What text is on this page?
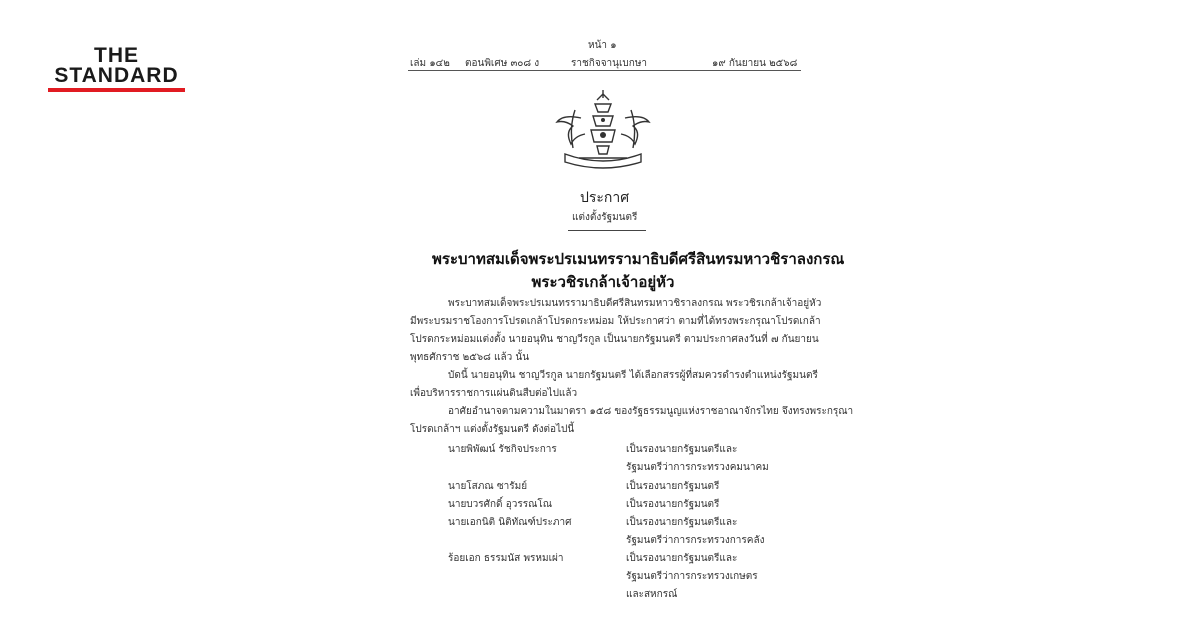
THE
STANDARD
หน้า ๑
เล่ม ๑๔๒ ตอนพิเศษ ๓๐๘ ง	ราชกิจจานุเบกษา	๑๙ กันยายน ๒๕๖๘
ประกาศ
แต่งตั้งรัฐมนตรี
พระบาทสมเด็จพระปรเมนทรรามาธิบดีศรีสินทรมหาวชิราลงกรณ
พระวชิรเกล้าเจ้าอยู่หัว
พระบาทสมเด็จพระปรเมนทรรามาธิบดีศรีสินทรมหาวชิราลงกรณ พระวชิรเกล้าเจ้าอยู่หัว
มีพระบรมราชโองการโปรดเกล้าโปรดกระหม่อม ให้ประกาศว่า ตามที่ได้ทรงพระกรุณาโปรดเกล้า
โปรดกระหม่อมแต่งตั้ง นายอนุทิน ชาญวีรกูล เป็นนายกรัฐมนตรี ตามประกาศลงวันที่ ๗ กันยายน
พุทธศักราช ๒๕๖๘ แล้ว นั้น
บัดนี้ นายอนุทิน ชาญวีรกูล นายกรัฐมนตรี ได้เลือกสรรผู้ที่สมควรดำรงตำแหน่งรัฐมนตรี
เพื่อบริหารราชการแผ่นดินสืบต่อไปแล้ว
อาศัยอำนาจตามความในมาตรา ๑๕๘ ของรัฐธรรมนูญแห่งราชอาณาจักรไทย จึงทรงพระกรุณา
โปรดเกล้าฯ แต่งตั้งรัฐมนตรี ดังต่อไปนี้
นายพิพัฒน์ รัชกิจประการ	เป็นรองนายกรัฐมนตรีและ
รัฐมนตรีว่าการกระทรวงคมนาคม
นายโสภณ ซารัมย์	เป็นรองนายกรัฐมนตรี
นายบวรศักดิ์ อุวรรณโณ	เป็นรองนายกรัฐมนตรี
นายเอกนิติ นิติทัณฑ์ประภาศ	เป็นรองนายกรัฐมนตรีและ
รัฐมนตรีว่าการกระทรวงการคลัง
ร้อยเอก ธรรมนัส พรหมเผ่า	เป็นรองนายกรัฐมนตรีและ
รัฐมนตรีว่าการกระทรวงเกษตร
และสหกรณ์
